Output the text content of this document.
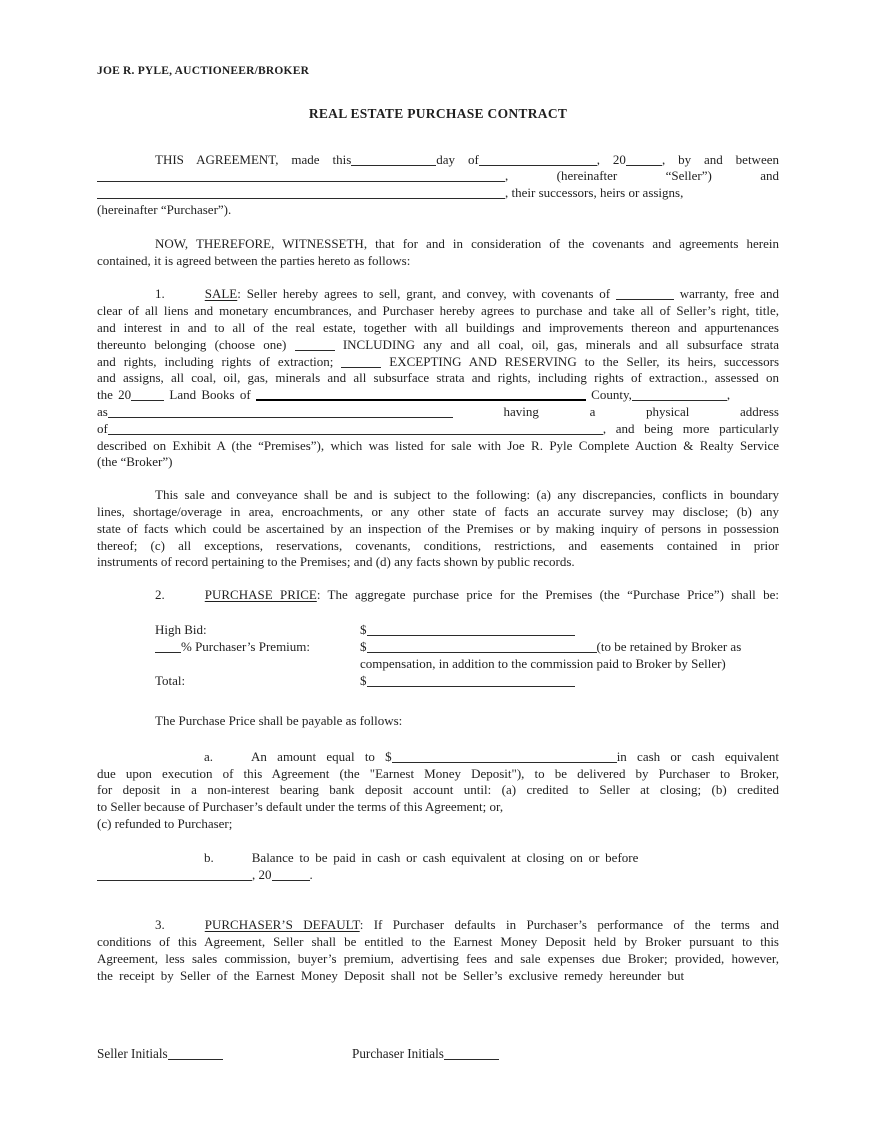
JOE R. PYLE, AUCTIONEER/BROKER
REAL ESTATE PURCHASE CONTRACT
THIS AGREEMENT, made this	day of	, 20	, by and between
, (hereinafter “Seller”) and
, their successors, heirs or assigns,
(hereinafter “Purchaser”).
NOW, THEREFORE, WITNESSETH, that for and in consideration of the covenants and agreements herein
contained, it is agreed between the parties hereto as follows:
1.	SALE: Seller hereby agrees to sell, grant, and convey, with covenants of	warranty, free and
clear of all liens and monetary encumbrances, and Purchaser hereby agrees to purchase and take all of Seller’s right, title,
and interest in and to all of the real estate, together with all buildings and improvements thereon and appurtenances
thereunto belonging (choose one)	INCLUDING any and all coal, oil, gas, minerals and all subsurface strata
and rights, including rights of extraction;	EXCEPTING AND RESERVING to the Seller, its heirs, successors
and assigns, all coal, oil, gas, minerals and all subsurface strata and rights, including rights of extraction., assessed on
the 20	Land Books of	County,	,
as	having a physical address
of	, and being more particularly
described on Exhibit A (the “Premises”), which was listed for sale with Joe R. Pyle Complete Auction & Realty Service
(the “Broker”)
This sale and conveyance shall be and is subject to the following: (a) any discrepancies, conflicts in boundary
lines, shortage/overage in area, encroachments, or any other state of facts an accurate survey may disclose; (b) any
state of facts which could be ascertained by an inspection of the Premises or by making inquiry of persons in possession
thereof; (c) all exceptions, reservations, covenants, conditions, restrictions, and easements contained in prior
instruments of record pertaining to the Premises; and (d) any facts shown by public records.
2.	PURCHASE PRICE: The aggregate purchase price for the Premises (the “Purchase Price”) shall be:
High Bid:	$
% Purchaser’s Premium:	$	(to be retained by Broker as
compensation, in addition to the commission paid to Broker by Seller)
Total:	$
The Purchase Price shall be payable as follows:
a.	An amount equal to $	in cash or cash equivalent
due upon execution of this Agreement (the "Earnest Money Deposit"), to be delivered by Purchaser to Broker,
for deposit in a non-interest bearing bank deposit account until: (a) credited to Seller at closing; (b) credited
to Seller because of Purchaser’s default under the terms of this Agreement; or,
(c) refunded to Purchaser;
b.	Balance to be paid in cash or cash equivalent at closing on or before
, 20	.
3.	PURCHASER’S DEFAULT: If Purchaser defaults in Purchaser’s performance of the terms and
conditions of this Agreement, Seller shall be entitled to the Earnest Money Deposit held by Broker pursuant to this
Agreement, less sales commission, buyer’s premium, advertising fees and sale expenses due Broker; provided, however,
the receipt by Seller of the Earnest Money Deposit shall not be Seller’s exclusive remedy hereunder but
Seller Initials	Purchaser Initials
